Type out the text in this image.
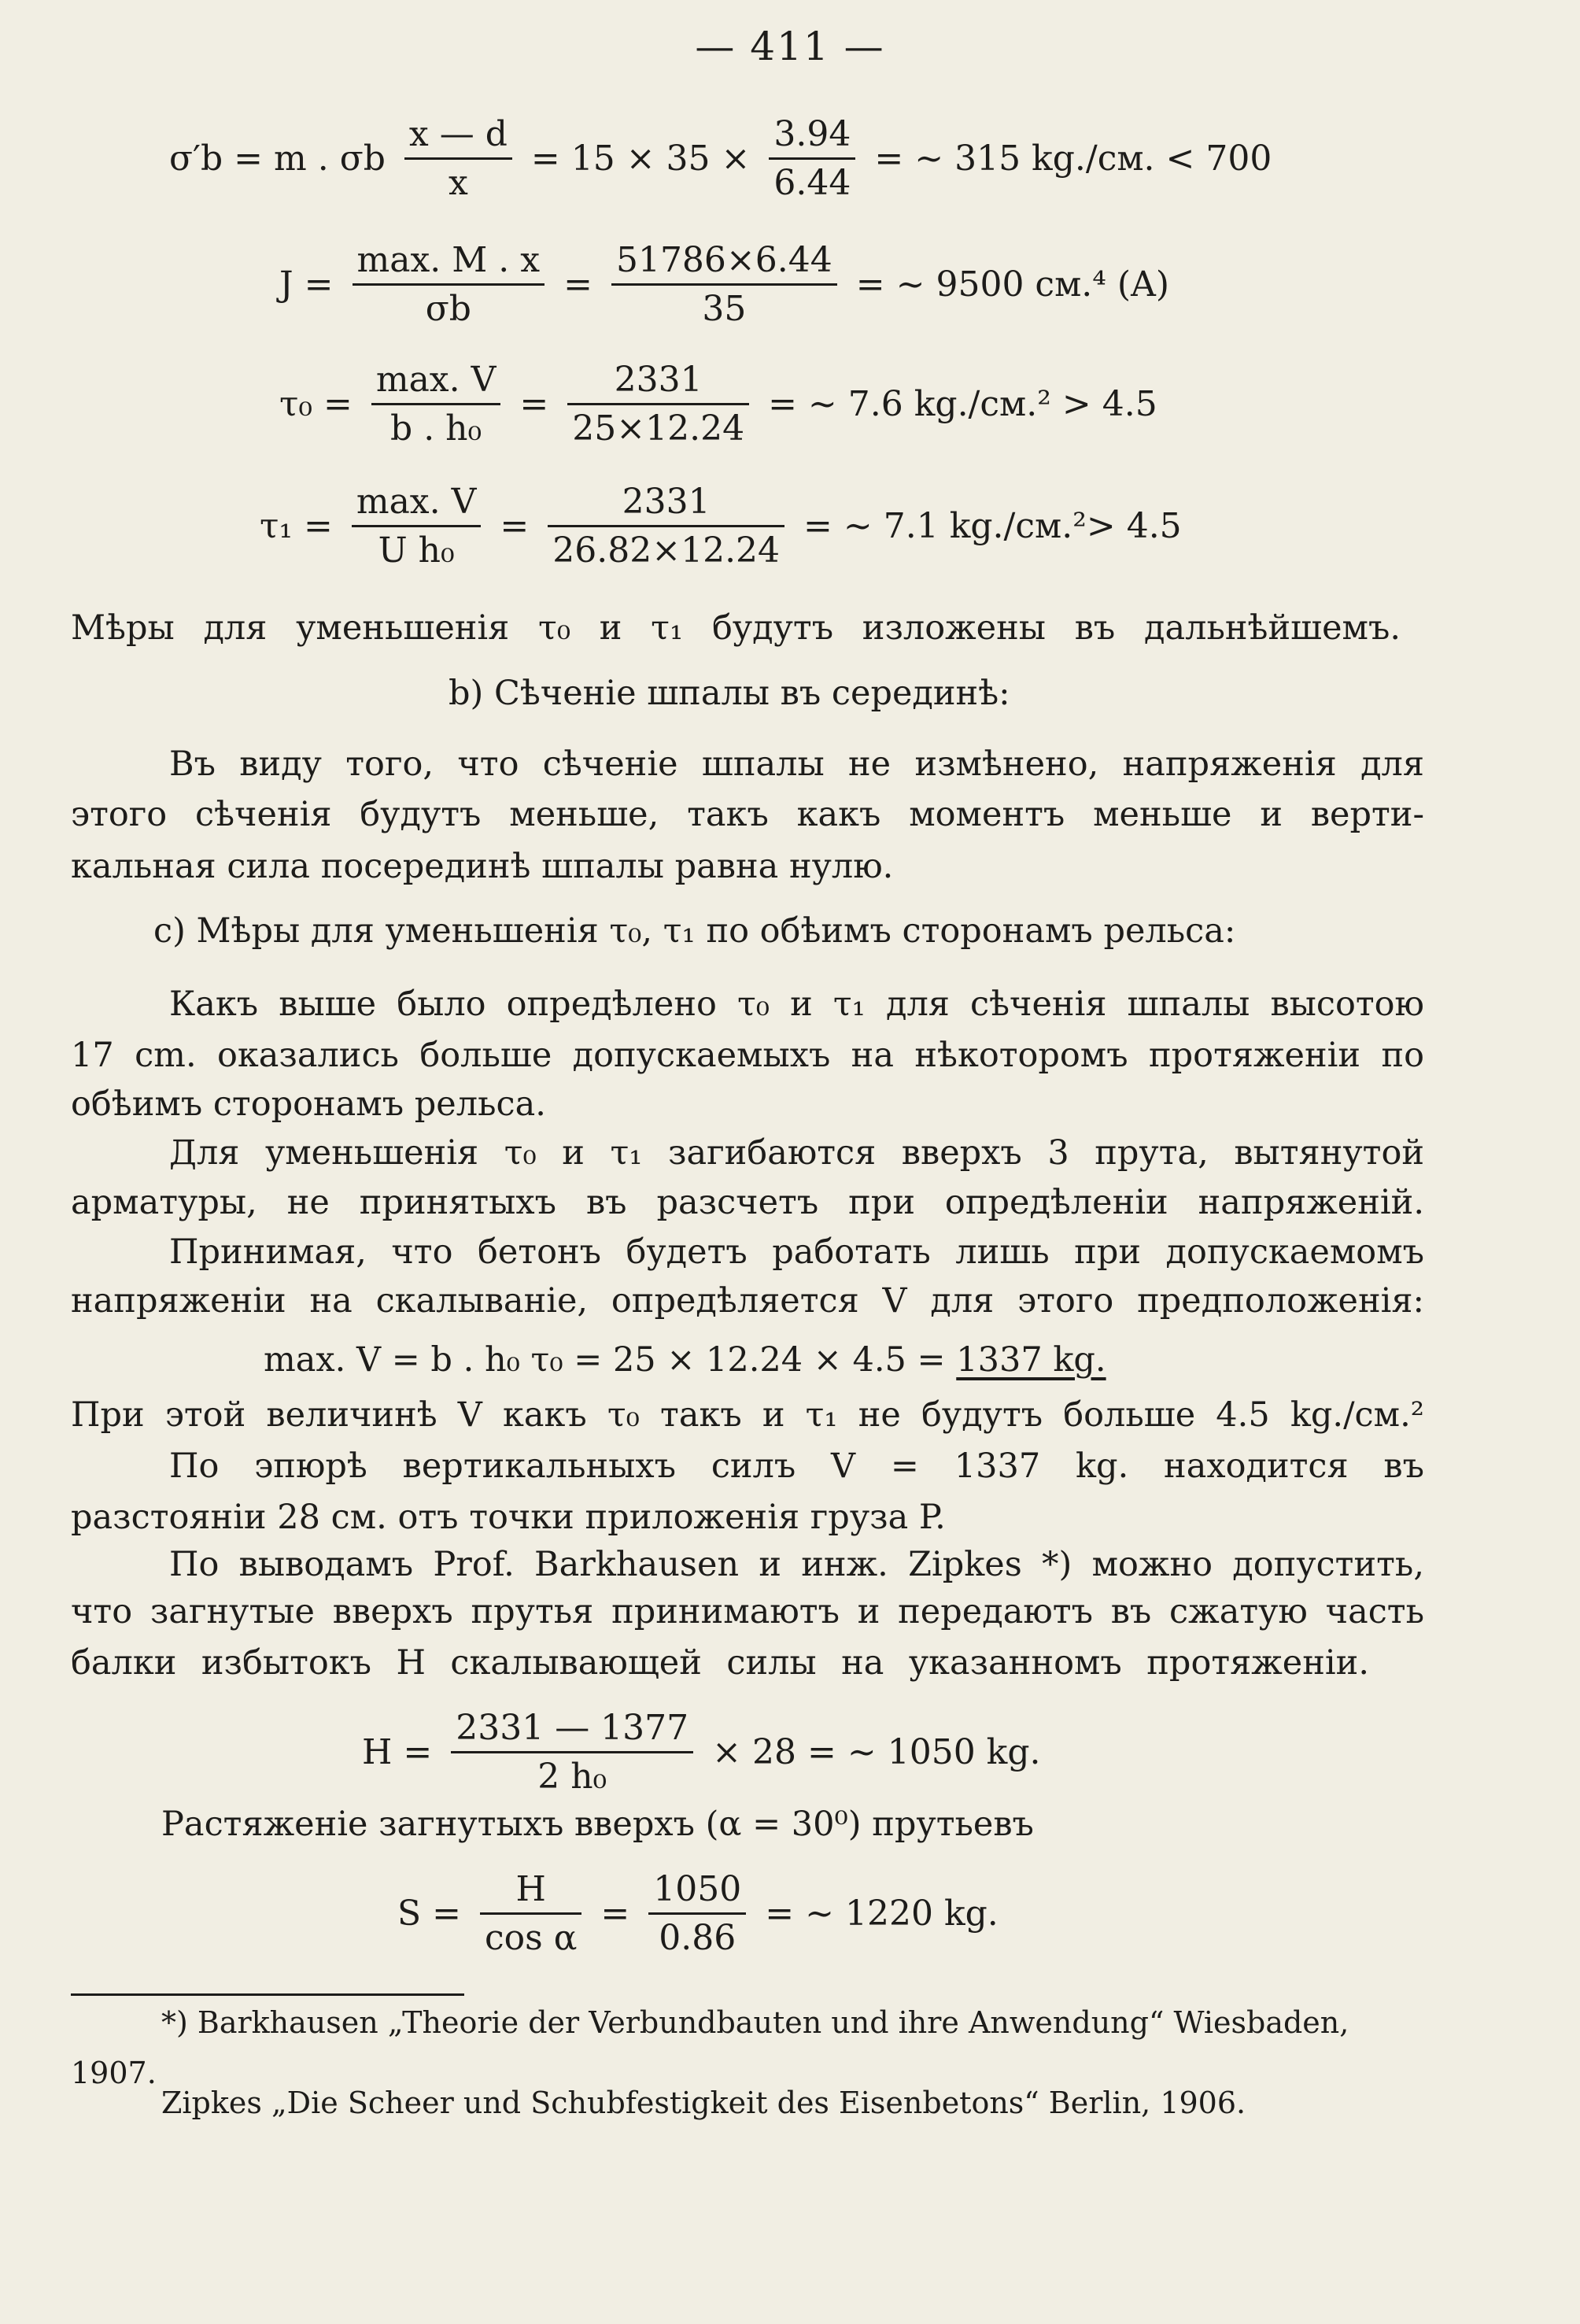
— 411 —
σ′b = m . σb $\frac{x — d}{x} = 15 \times 35 \times \frac{3.94}{6.44}$ = ∼ 315 kg./cм. < 700
$J = \frac{\max. M . x}{\sigma b} = \frac{51786\times 6.44}{35}$ = ∼ 9500 cм.⁴ (A)
$\tau_0 = \frac{\max. V}{\text{b . h₀}} = \frac{2331}{25\times 12.24}$ = ∼ 7.6 kg./cм.² > 4.5
$\tau_1 = \frac{\max. V}{\text{U h₀}} = \frac{2331}{26.82\times 12.24}$ = ∼ 7.1 kg./cм.²> 4.5
Мѣры для уменьшенія τ₀ и τ₁ будутъ изложены въ дальнѣйшемъ.
b) Сѣченіе шпалы въ серединѣ:
Въ виду того, что сѣченіе шпалы не измѣнено, напряженія для
этого сѣченія будутъ меньше, такъ какъ моментъ меньше и верти-
кальная сила посерединѣ шпалы равна нулю.
c) Мѣры для уменьшенія τ₀, τ₁ по обѣимъ сторонамъ рельса:
Какъ выше было опредѣлено τ₀ и τ₁ для сѣченія шпалы высотою
17 cm. оказались больше допускаемыхъ на нѣкоторомъ протяженіи по
обѣимъ сторонамъ рельса.
Для уменьшенія τ₀ и τ₁ загибаются вверхъ 3 прута, вытянутой
арматуры, не принятыхъ въ разсчетъ при опредѣленіи напряженій.
Принимая, что бетонъ будетъ работать лишь при допускаемомъ
напряженіи на скалываніе, опредѣляется V для этого предположенія:
max. V = b . h₀ τ₀ = 25 × 12.24 × 4.5 = 1337 kg.
При этой величинѣ V какъ τ₀ такъ и τ₁ не будутъ больше 4.5 kg./cм.²
По эпюрѣ вертикальныхъ силъ V = 1337 kg. находится въ
разстояніи 28 см. отъ точки приложенія груза P.
По выводамъ Prof. Barkhausen и инж. Zipkes *) можно допустить,
что загнутые вверхъ прутья принимаютъ и передаютъ въ сжатую часть
балки избытокъ H скалывающей силы на указанномъ протяженіи.
$H = \frac{2331 — 1377}{\text{2 h₀}} \times 28$ = ∼ 1050 kg.
Растяженіе загнутыхъ вверхъ (α = 30⁰) прутьевъ
$S = \frac{H}{\text{cos α}} = \frac{1050}{0.86}$ = ∼ 1220 kg.
*) Barkhausen „Theorie der Verbundbauten und ihre Anwendung“ Wiesbaden,
1907.
Zipkes „Die Scheer und Schubfestigkeit des Eisenbetons“ Berlin, 1906.
